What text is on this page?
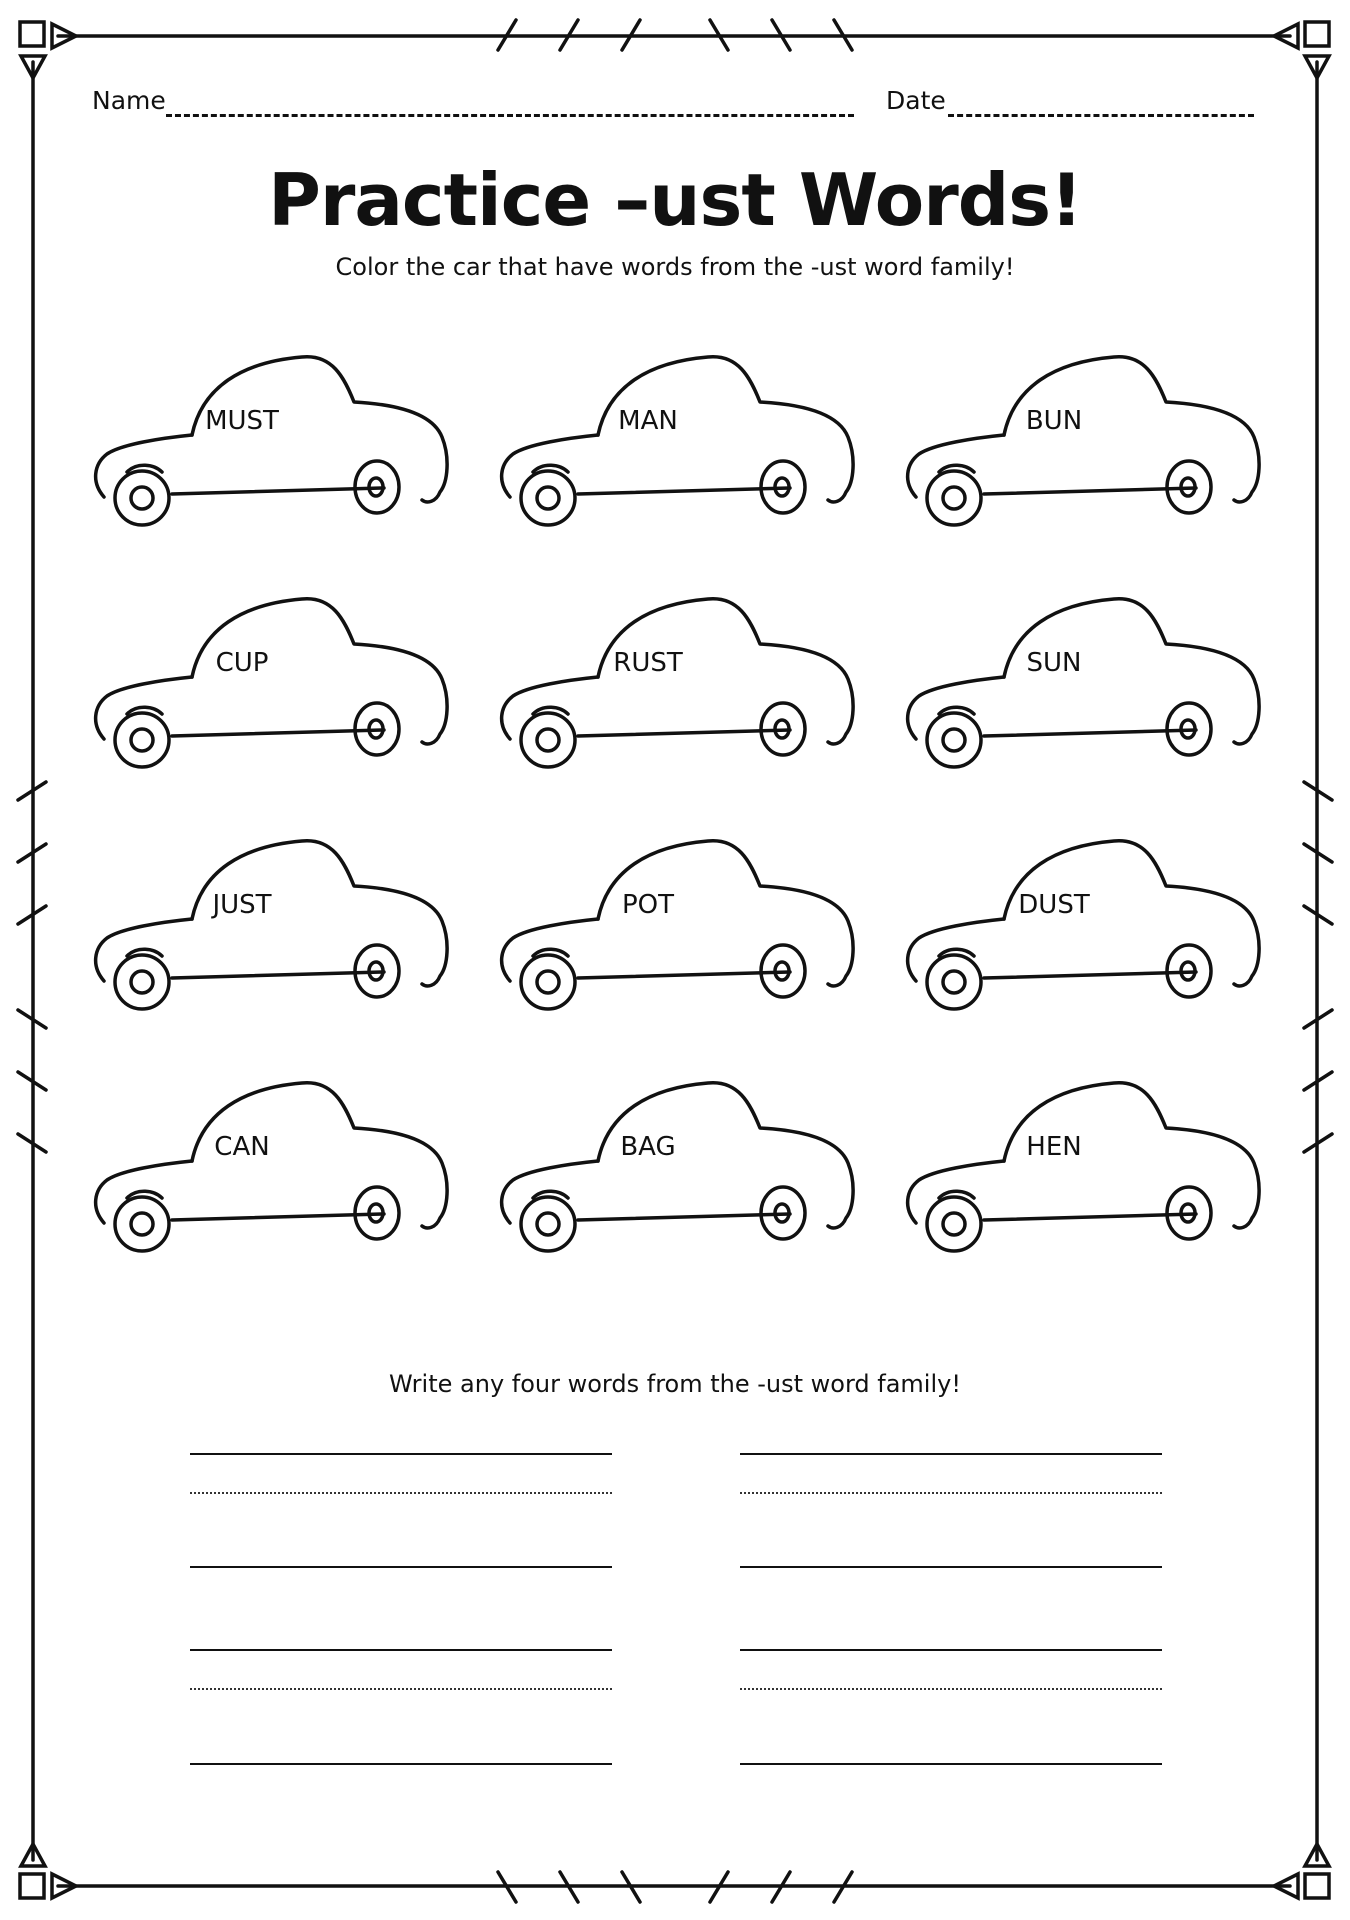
Name	Date
Practice –ust Words!
Color the car that have words from the -ust word family!
MUST	MAN	BUN
CUP	RUST	SUN
JUST	POT	DUST
CAN	BAG	HEN
Write any four words from the -ust word family!
